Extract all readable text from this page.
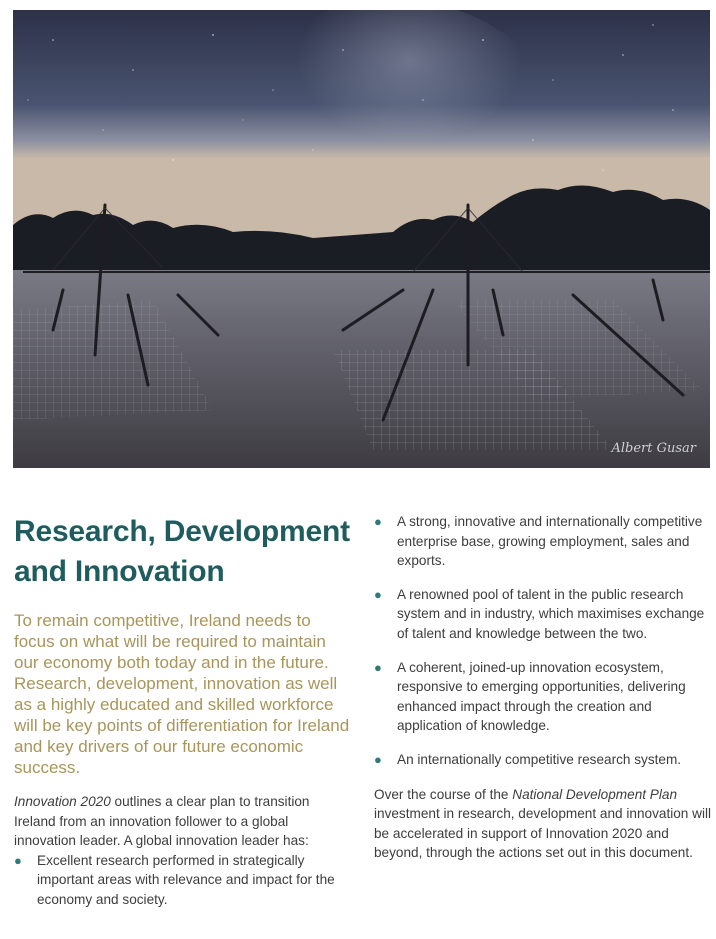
Albert Gusar
Research, Development and Innovation

To remain competitive, Ireland needs to focus on what will be required to maintain our economy both today and in the future. Research, development, innovation as well as a highly educated and skilled workforce will be key points of differentiation for Ireland and key drivers of our future economic success.

Innovation 2020 outlines a clear plan to transition Ireland from an innovation follower to a global innovation leader. A global innovation leader has:

● Excellent research performed in strategically important areas with relevance and impact for the economy and society.
● A strong, innovative and internationally competitive enterprise base, growing employment, sales and exports.
● A renowned pool of talent in the public research system and in industry, which maximises exchange of talent and knowledge between the two.
● A coherent, joined-up innovation ecosystem, responsive to emerging opportunities, delivering enhanced impact through the creation and application of knowledge.
● An internationally competitive research system.

Over the course of the National Development Plan investment in research, development and innovation will be accelerated in support of Innovation 2020 and beyond, through the actions set out in this document.
